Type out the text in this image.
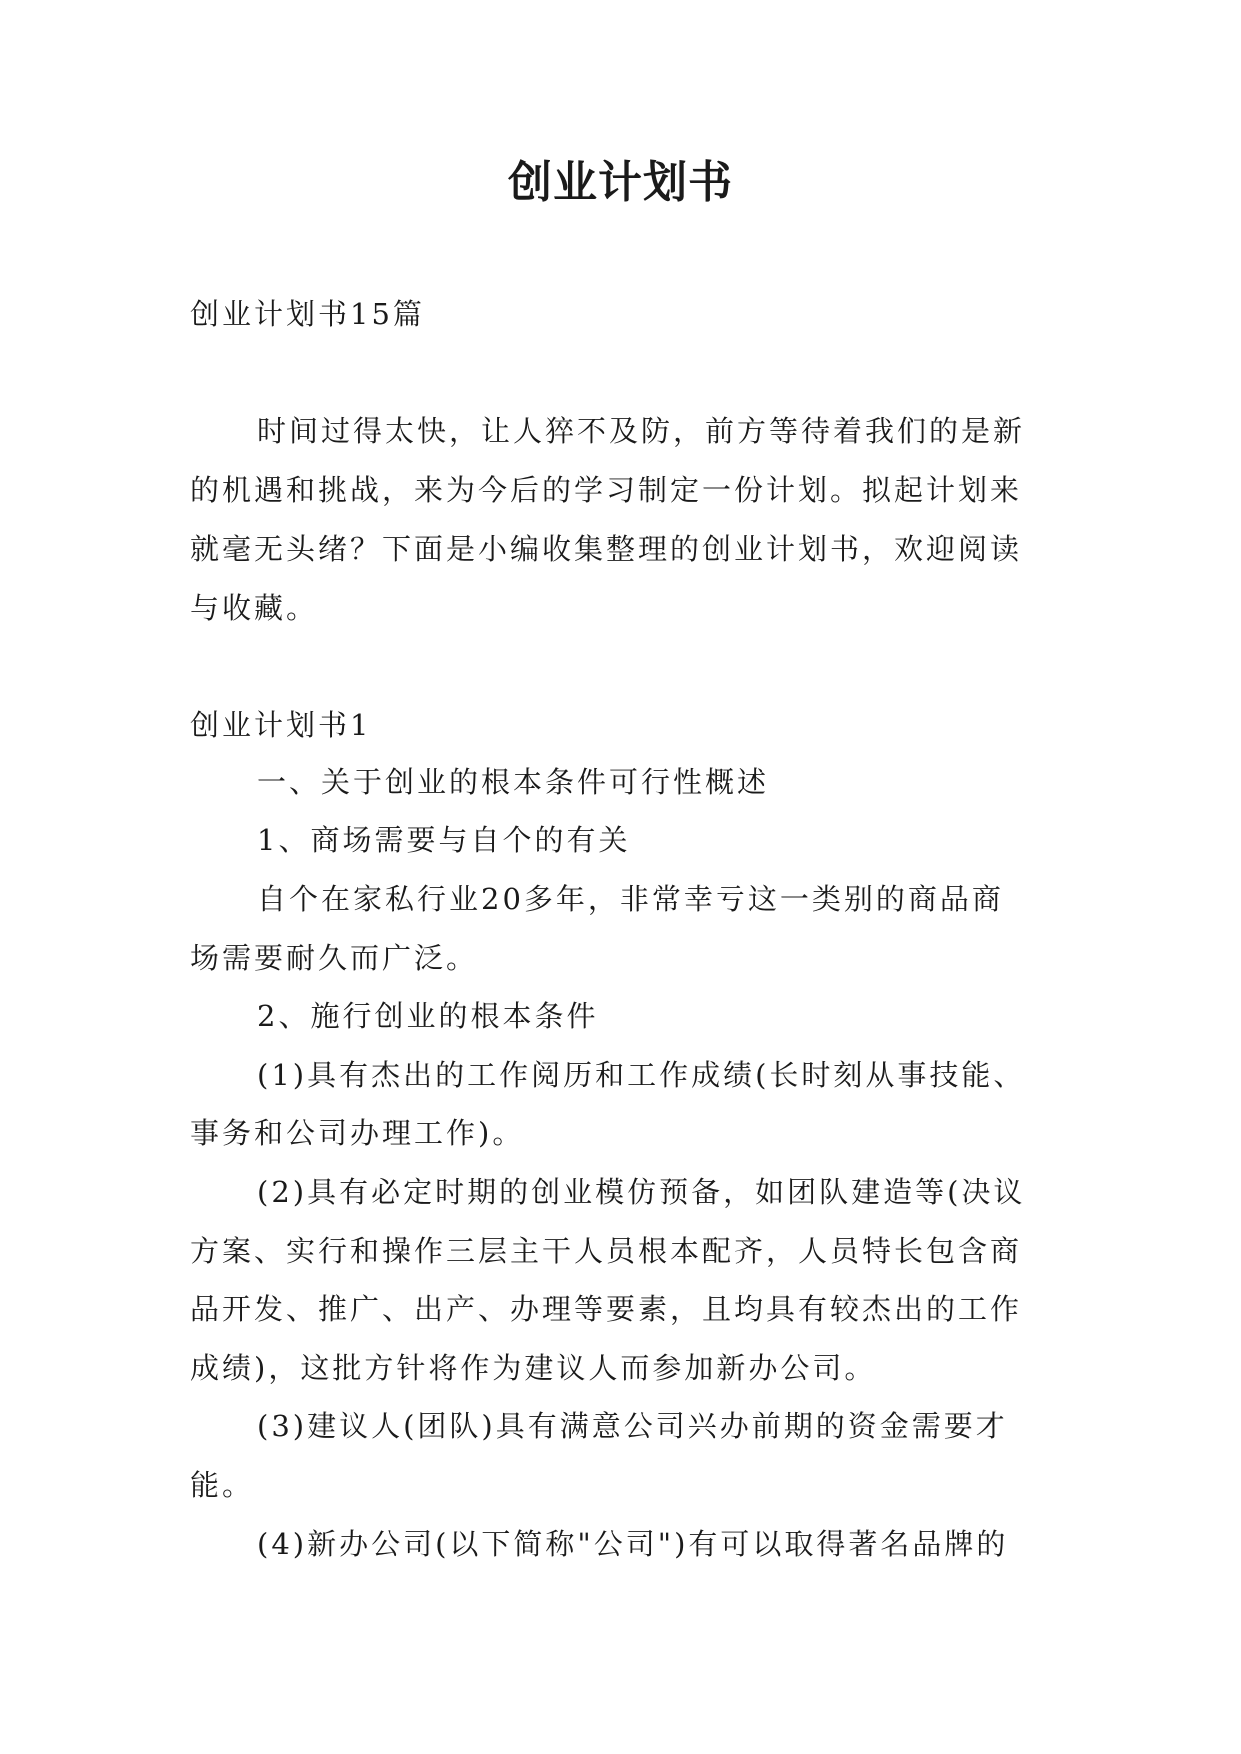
创业计划书
创业计划书15篇
时间过得太快，让人猝不及防，前方等待着我们的是新
的机遇和挑战，来为今后的学习制定一份计划。拟起计划来
就毫无头绪？下面是小编收集整理的创业计划书，欢迎阅读
与收藏。
创业计划书1
一、关于创业的根本条件可行性概述
1、商场需要与自个的有关
自个在家私行业20多年，非常幸亏这一类别的商品商
场需要耐久而广泛。
2、施行创业的根本条件
(1)具有杰出的工作阅历和工作成绩(长时刻从事技能、
事务和公司办理工作)。
(2)具有必定时期的创业模仿预备，如团队建造等(决议
方案、实行和操作三层主干人员根本配齐，人员特长包含商
品开发、推广、出产、办理等要素，且均具有较杰出的工作
成绩)，这批方针将作为建议人而参加新办公司。
(3)建议人(团队)具有满意公司兴办前期的资金需要才
能。
(4)新办公司(以下简称"公司")有可以取得著名品牌的
